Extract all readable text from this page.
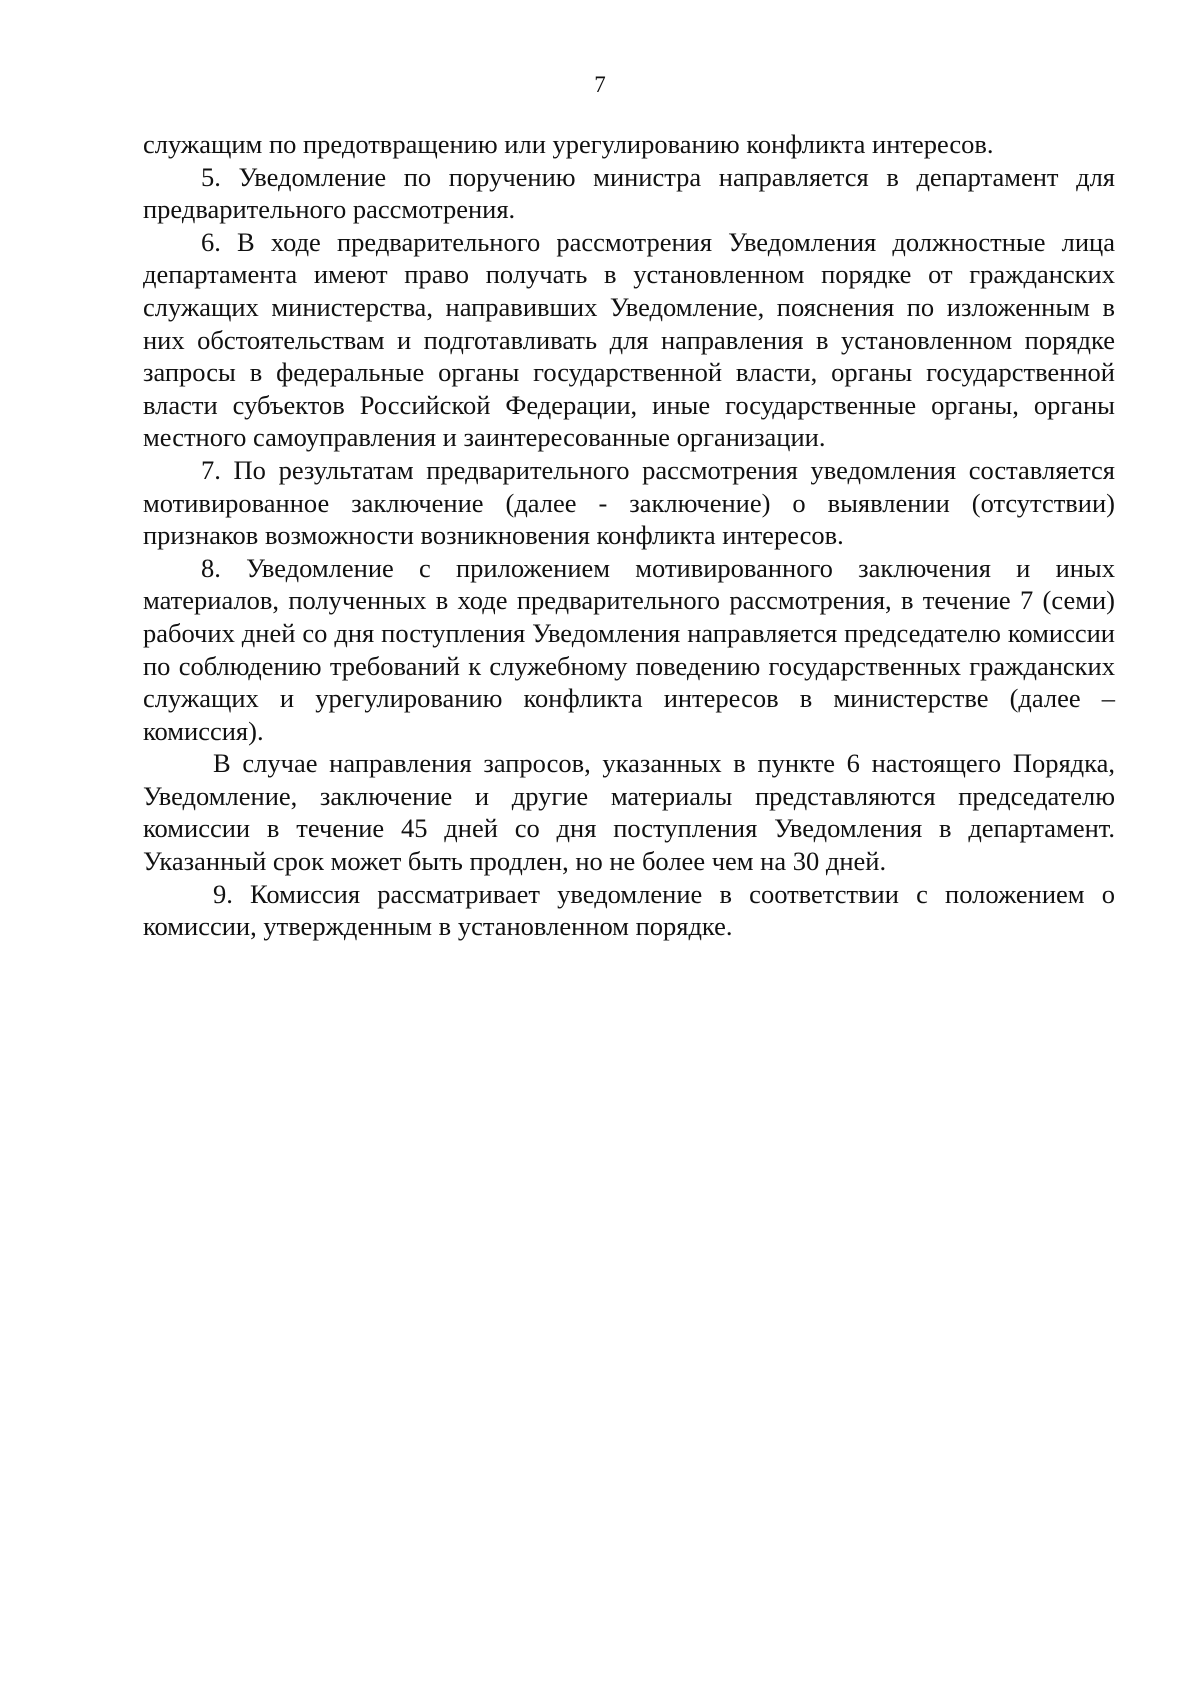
7

служащим по предотвращению или урегулированию конфликта интересов.

5. Уведомление по поручению министра направляется в департамент для предварительного рассмотрения.

6. В ходе предварительного рассмотрения Уведомления должностные лица департамента имеют право получать в установленном порядке от гражданских служащих министерства, направивших Уведомление, пояснения по изложенным в них обстоятельствам и подготавливать для направления в установленном порядке запросы в федеральные органы государственной власти, органы государственной власти субъектов Российской Федерации, иные государственные органы, органы местного самоуправления и заинтересованные организации.

7. По результатам предварительного рассмотрения уведомления составляется мотивированное заключение (далее - заключение) о выявлении (отсутствии) признаков возможности возникновения конфликта интересов.

8. Уведомление с приложением мотивированного заключения и иных материалов, полученных в ходе предварительного рассмотрения, в течение 7 (семи) рабочих дней со дня поступления Уведомления направляется председателю комиссии по соблюдению требований к служебному поведению государственных гражданских служащих и урегулированию конфликта интересов в министерстве (далее – комиссия).

В случае направления запросов, указанных в пункте 6 настоящего Порядка, Уведомление, заключение и другие материалы представляются председателю комиссии в течение 45 дней со дня поступления Уведомления в департамент. Указанный срок может быть продлен, но не более чем на 30 дней.

9. Комиссия рассматривает уведомление в соответствии с положением о комиссии, утвержденным в установленном порядке.
